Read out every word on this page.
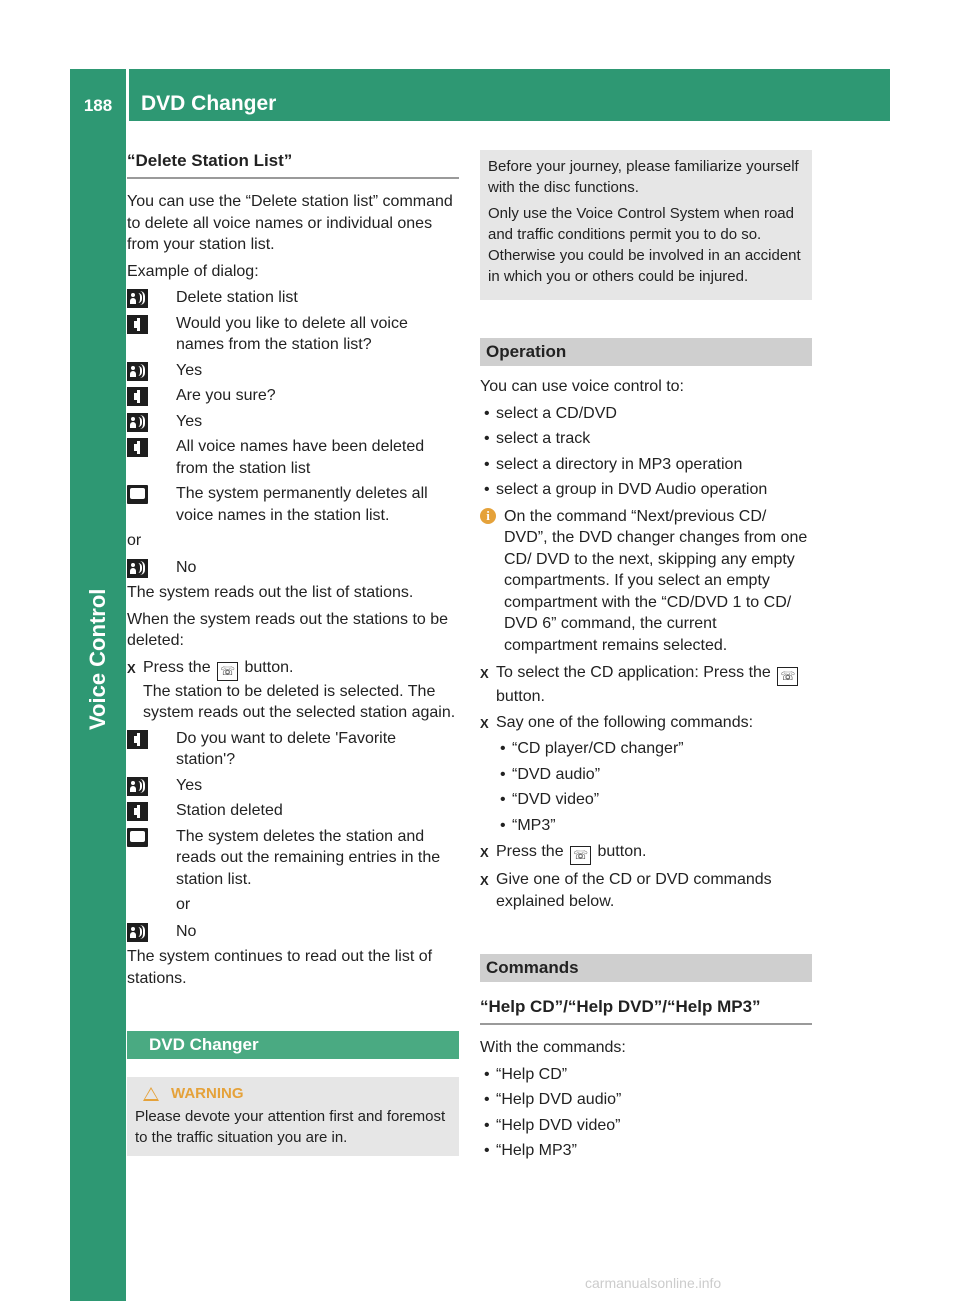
188	DVD Changer
Voice Control
“Delete Station List”

You can use the “Delete station list” command to delete all voice names or individual ones from your station list.

Example of dialog:

Delete station list
Would you like to delete all voice names from the station list?
Yes
Are you sure?
Yes
All voice names have been deleted from the station list
The system permanently deletes all voice names in the station list.

or

No

The system reads out the list of stations.

When the system reads out the stations to be deleted:

X Press the ☏ button.
The station to be deleted is selected. The system reads out the selected station again.
Do you want to delete 'Favorite station'?
Yes
Station deleted
The system deletes the station and reads out the remaining entries in the station list.

or

No

The system continues to read out the list of stations.

DVD Changer
WARNING
Please devote your attention first and foremost to the traffic situation you are in.

Before your journey, please familiarize yourself with the disc functions.

Only use the Voice Control System when road and traffic conditions permit you to do so. Otherwise you could be involved in an accident in which you or others could be injured.

Operation

You can use voice control to:

• select a CD/DVD
• select a track
• select a directory in MP3 operation
• select a group in DVD Audio operation
i On the command “Next/previous CD/ DVD”, the DVD changer changes from one CD/ DVD to the next, skipping any empty compartments. If you select an empty compartment with the “CD/DVD 1 to CD/ DVD 6” command, the current compartment remains selected.
X To select the CD application: Press the ☏ button.
X Say one of the following commands:
• “CD player/CD changer”
• “DVD audio”
• “DVD video”
• “MP3”
X Press the ☏ button.
X Give one of the CD or DVD commands explained below.
Commands
“Help CD”/“Help DVD”/“Help MP3”

With the commands:

• “Help CD”
• “Help DVD audio”
• “Help DVD video”
• “Help MP3”
carmanualsonline.info
